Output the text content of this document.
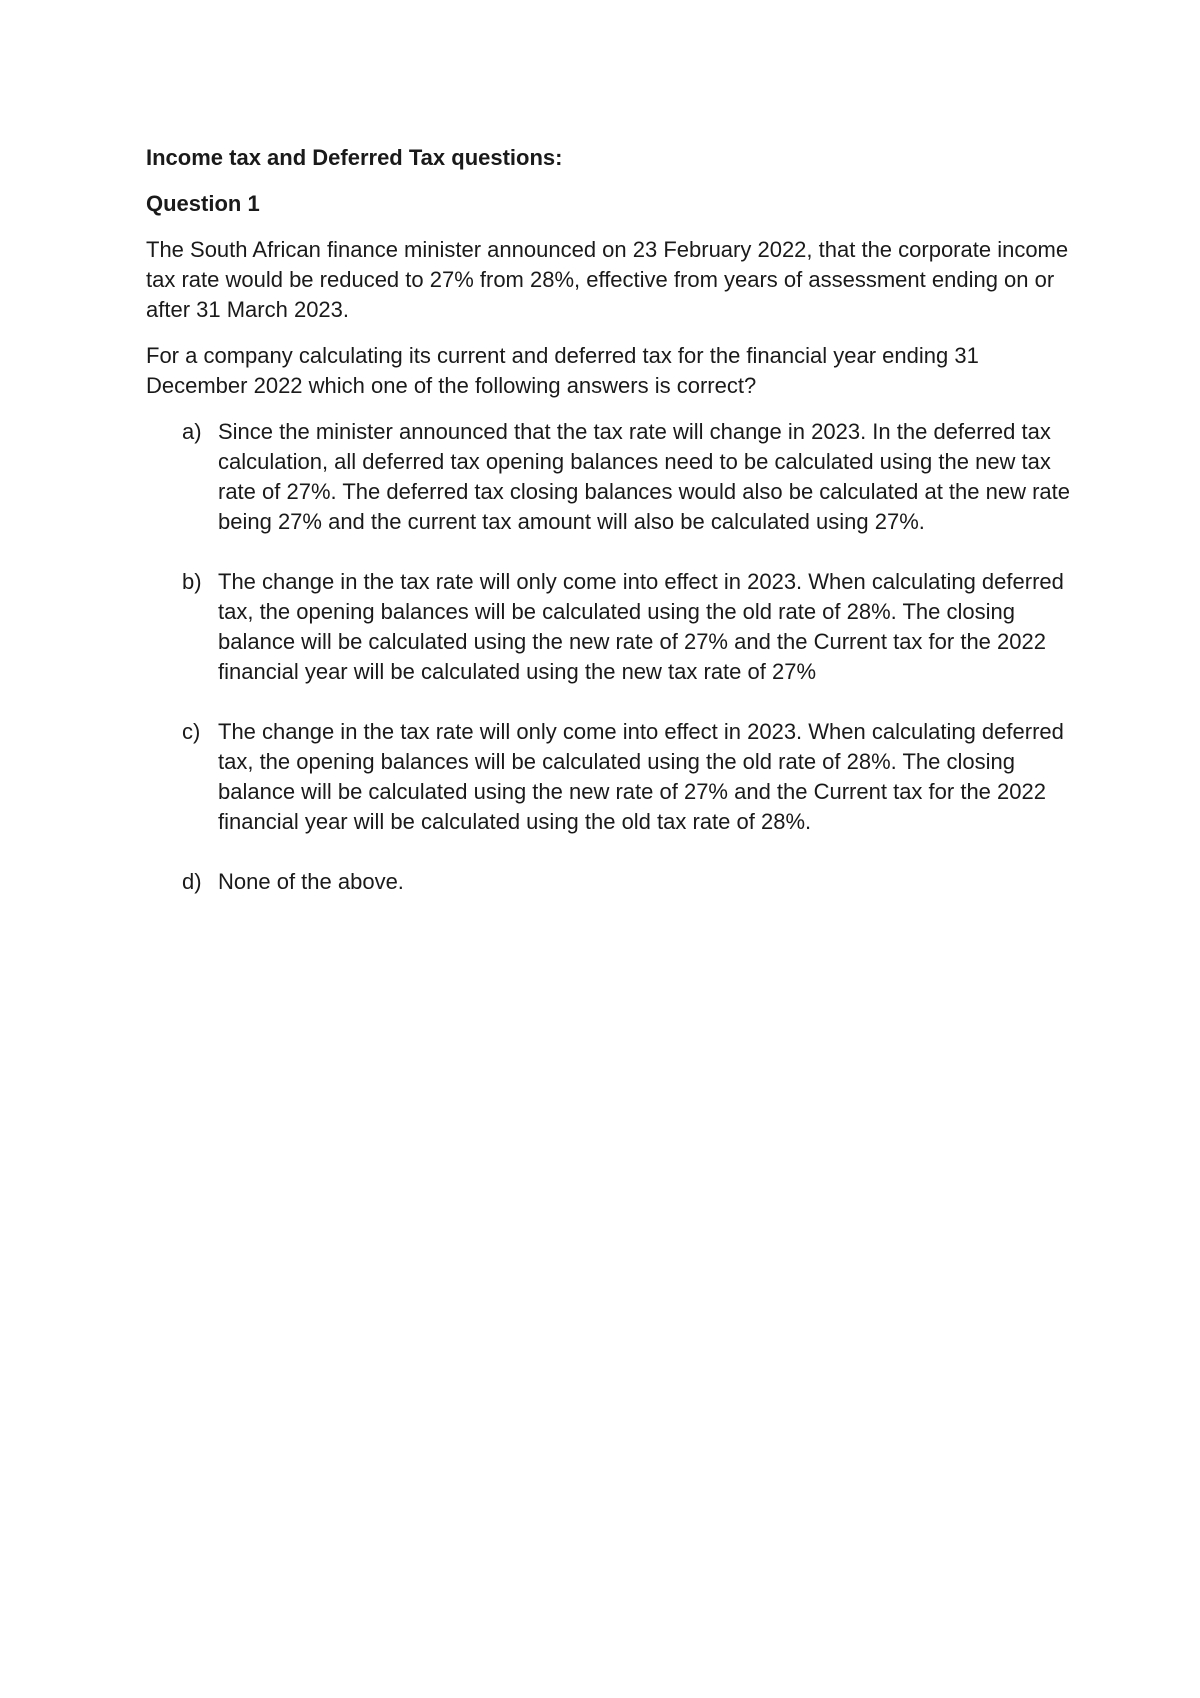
Income tax and Deferred Tax questions:
Question 1

The South African finance minister announced on 23 February 2022, that the corporate income tax rate would be reduced to 27% from 28%, effective from years of assessment ending on or after 31 March 2023.

For a company calculating its current and deferred tax for the financial year ending 31 December 2022 which one of the following answers is correct?

a) Since the minister announced that the tax rate will change in 2023. In the deferred tax calculation, all deferred tax opening balances need to be calculated using the new tax rate of 27%. The deferred tax closing balances would also be calculated at the new rate being 27% and the current tax amount will also be calculated using 27%.
b) The change in the tax rate will only come into effect in 2023. When calculating deferred tax, the opening balances will be calculated using the old rate of 28%. The closing balance will be calculated using the new rate of 27% and the Current tax for the 2022 financial year will be calculated using the new tax rate of 27%
c) The change in the tax rate will only come into effect in 2023. When calculating deferred tax, the opening balances will be calculated using the old rate of 28%. The closing balance will be calculated using the new rate of 27% and the Current tax for the 2022 financial year will be calculated using the old tax rate of 28%.
d) None of the above.
